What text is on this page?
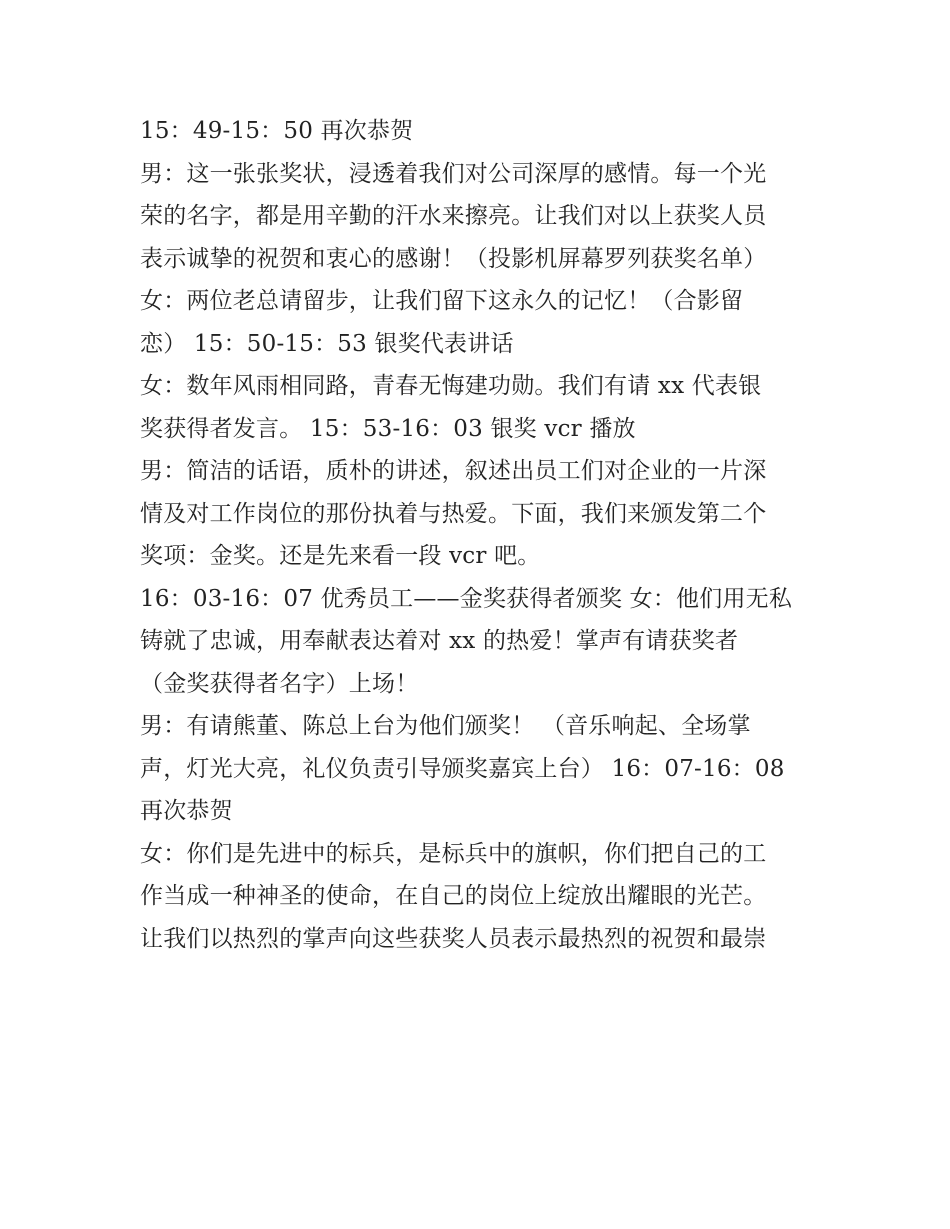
15：49-15：50 再次恭贺
男：这一张张奖状，浸透着我们对公司深厚的感情。每一个光
荣的名字，都是用辛勤的汗水来擦亮。让我们对以上获奖人员
表示诚挚的祝贺和衷心的感谢！（投影机屏幕罗列获奖名单）
女：两位老总请留步，让我们留下这永久的记忆！（合影留
恋） 15：50-15：53 银奖代表讲话
女：数年风雨相同路，青春无悔建功勋。我们有请 xx 代表银
奖获得者发言。 15：53-16：03 银奖 vcr 播放
男：简洁的话语，质朴的讲述，叙述出员工们对企业的一片深
情及对工作岗位的那份执着与热爱。下面，我们来颁发第二个
奖项：金奖。还是先来看一段 vcr 吧。
16：03-16：07 优秀员工——金奖获得者颁奖 女：他们用无私
铸就了忠诚，用奉献表达着对 xx 的热爱！掌声有请获奖者
（金奖获得者名字）上场！
男：有请熊董、陈总上台为他们颁奖！ （音乐响起、全场掌
声，灯光大亮，礼仪负责引导颁奖嘉宾上台） 16：07-16：08
再次恭贺
女：你们是先进中的标兵，是标兵中的旗帜，你们把自己的工
作当成一种神圣的使命，在自己的岗位上绽放出耀眼的光芒。
让我们以热烈的掌声向这些获奖人员表示最热烈的祝贺和最崇
